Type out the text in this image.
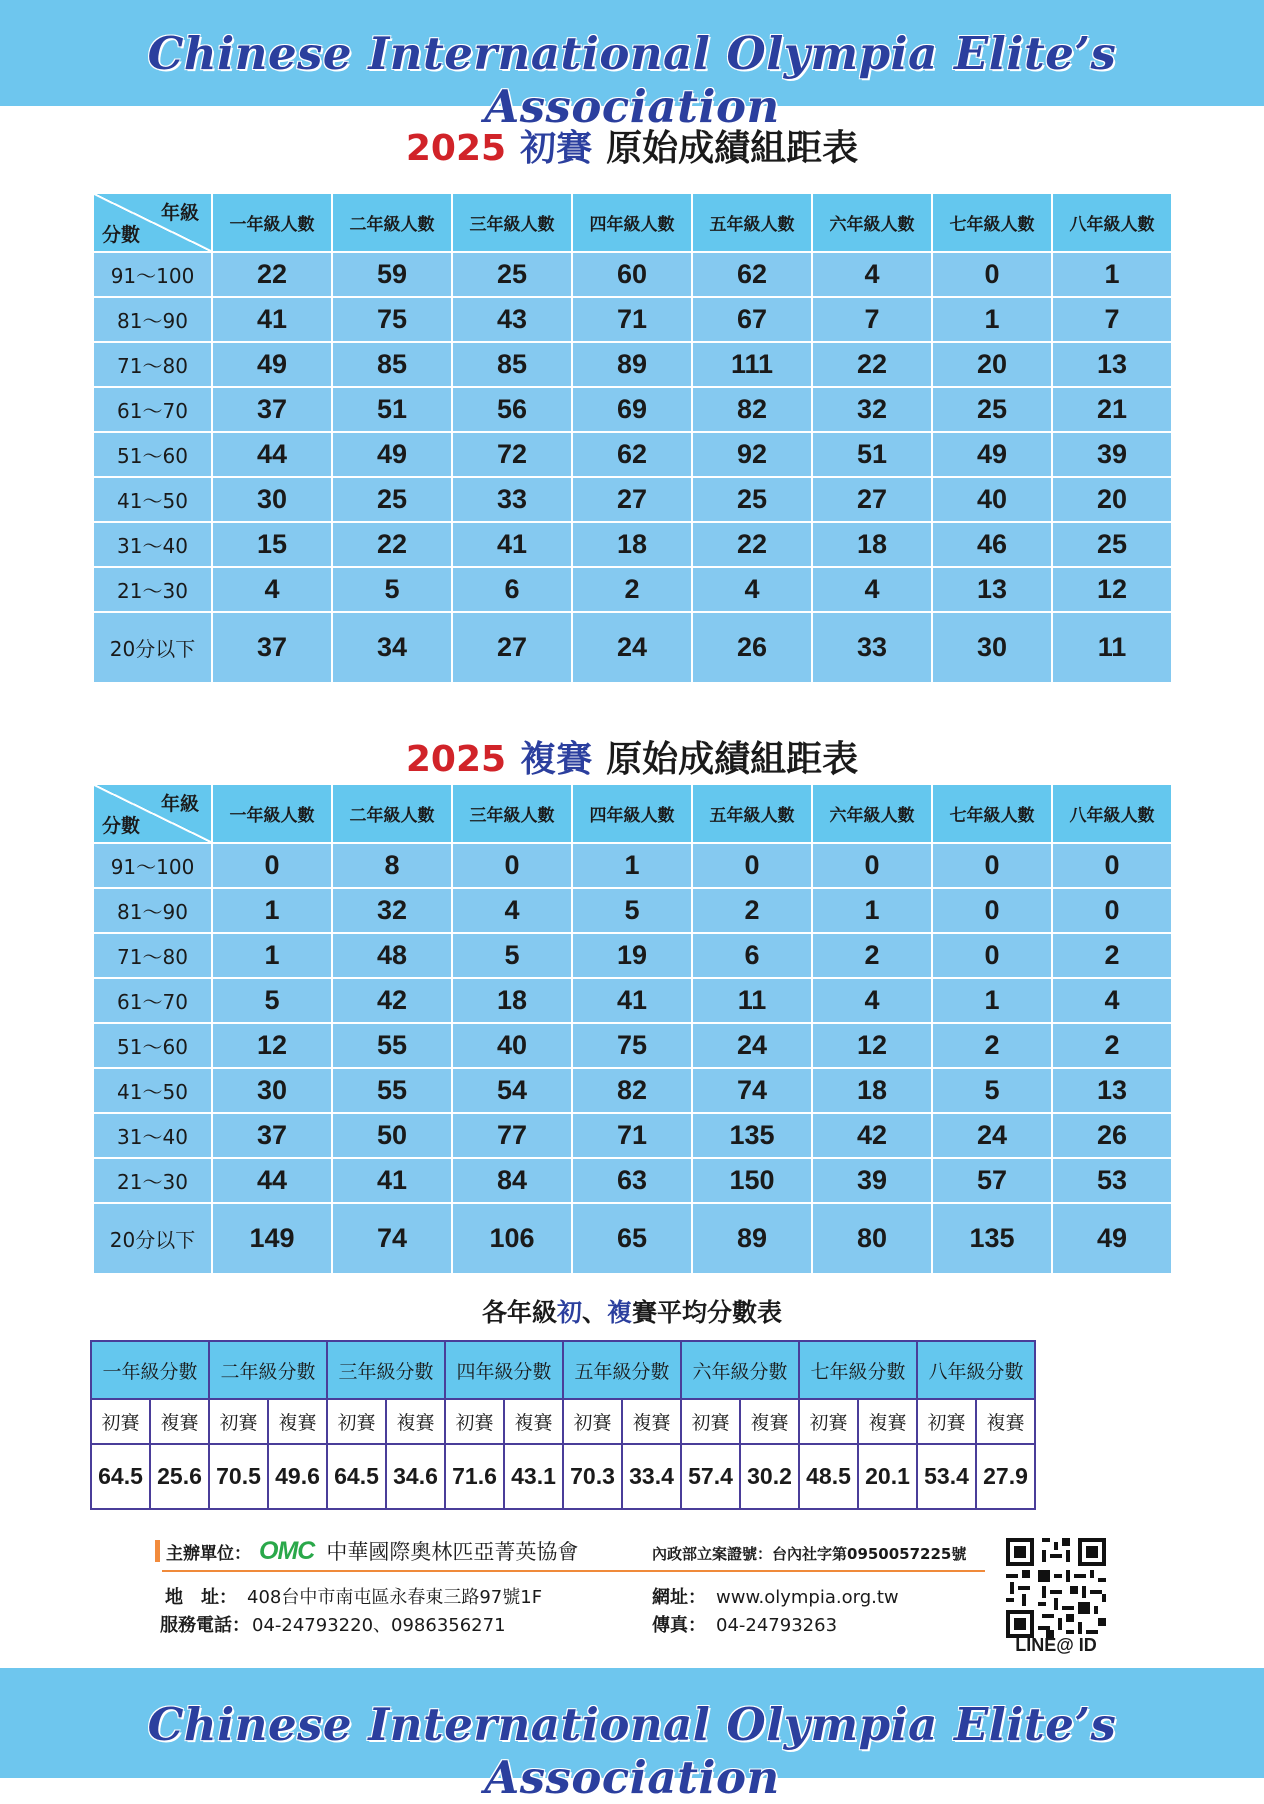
Chinese International Olympia Elite’s Association
2025 初賽 原始成績組距表
年級
分數	一年級人數	二年級人數	三年級人數	四年級人數	五年級人數	六年級人數	七年級人數	八年級人數
91～100	22	59	25	60	62	4	0	1
81～90	41	75	43	71	67	7	1	7
71～80	49	85	85	89	111	22	20	13
61～70	37	51	56	69	82	32	25	21
51～60	44	49	72	62	92	51	49	39
41～50	30	25	33	27	25	27	40	20
31～40	15	22	41	18	22	18	46	25
21～30	4	5	6	2	4	4	13	12
20分以下	37	34	27	24	26	33	30	11
2025 複賽 原始成績組距表
年級
分數	一年級人數	二年級人數	三年級人數	四年級人數	五年級人數	六年級人數	七年級人數	八年級人數
91～100	0	8	0	1	0	0	0	0
81～90	1	32	4	5	2	1	0	0
71～80	1	48	5	19	6	2	0	2
61～70	5	42	18	41	11	4	1	4
51～60	12	55	40	75	24	12	2	2
41～50	30	55	54	82	74	18	5	13
31～40	37	50	77	71	135	42	24	26
21～30	44	41	84	63	150	39	57	53
20分以下	149	74	106	65	89	80	135	49
各年級初、複賽平均分數表
一年級分數		二年級分數		三年級分數		四年級分數		五年級分數		六年級分數		七年級分數		八年級分數	
初賽	複賽	初賽	複賽	初賽	複賽	初賽	複賽	初賽	複賽	初賽	複賽	初賽	複賽	初賽	複賽
64.5	25.6	70.5	49.6	64.5	34.6	71.6	43.1	70.3	33.4	57.4	30.2	48.5	20.1	53.4	27.9
主辦單位： OMC 中華國際奧林匹亞菁英協會	內政部立案證號：台內社字第0950057225號
地　址： 408台中市南屯區永春東三路97號1F
服務電話： 04-24793220、0986356271
網址： www.olympia.org.tw
傳真： 04-24793263
LINE@ ID
Chinese International Olympia Elite’s Association
